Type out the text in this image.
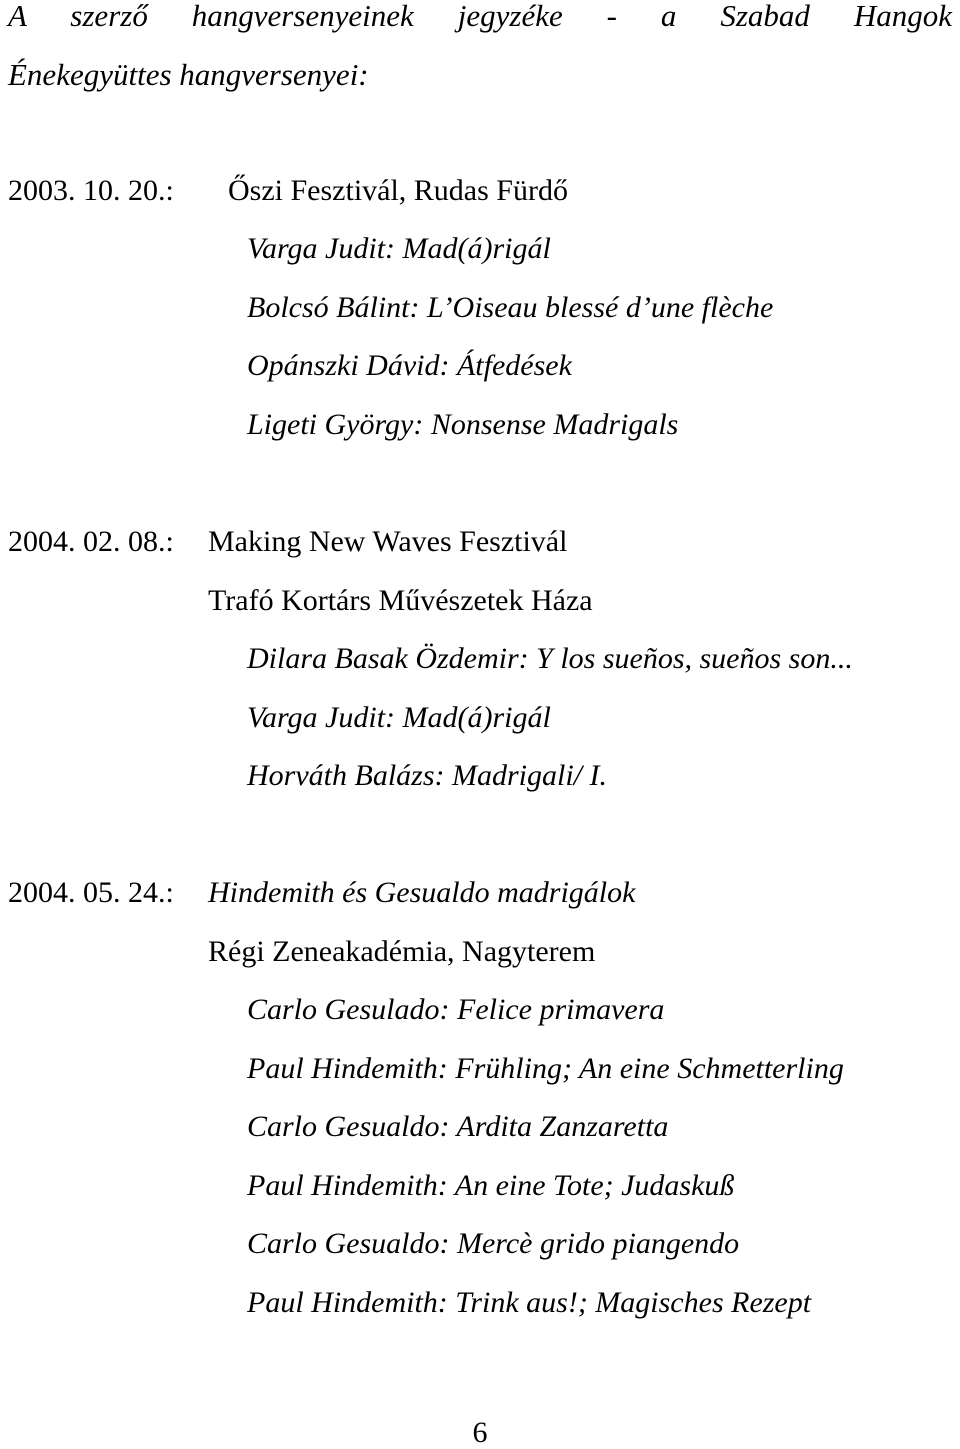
A szerző hangversenyeinek jegyzéke - a Szabad Hangok
Énekegyüttes hangversenyei:
2003. 10. 20.: Őszi Fesztivál, Rudas Fürdő
Varga Judit: Mad(á)rigál
Bolcsó Bálint: L’Oiseau blessé d’une flèche
Opánszki Dávid: Átfedések
Ligeti György: Nonsense Madrigals
2004. 02. 08.: Making New Waves Fesztivál
Trafó Kortárs Művészetek Háza
Dilara Basak Özdemir: Y los sueños, sueños son...
Varga Judit: Mad(á)rigál
Horváth Balázs: Madrigali/ I.
2004. 05. 24.: Hindemith és Gesualdo madrigálok
Régi Zeneakadémia, Nagyterem
Carlo Gesulado: Felice primavera
Paul Hindemith: Frühling; An eine Schmetterling
Carlo Gesualdo: Ardita Zanzaretta
Paul Hindemith: An eine Tote; Judaskuß
Carlo Gesualdo: Mercè grido piangendo
Paul Hindemith: Trink aus!; Magisches Rezept
6
